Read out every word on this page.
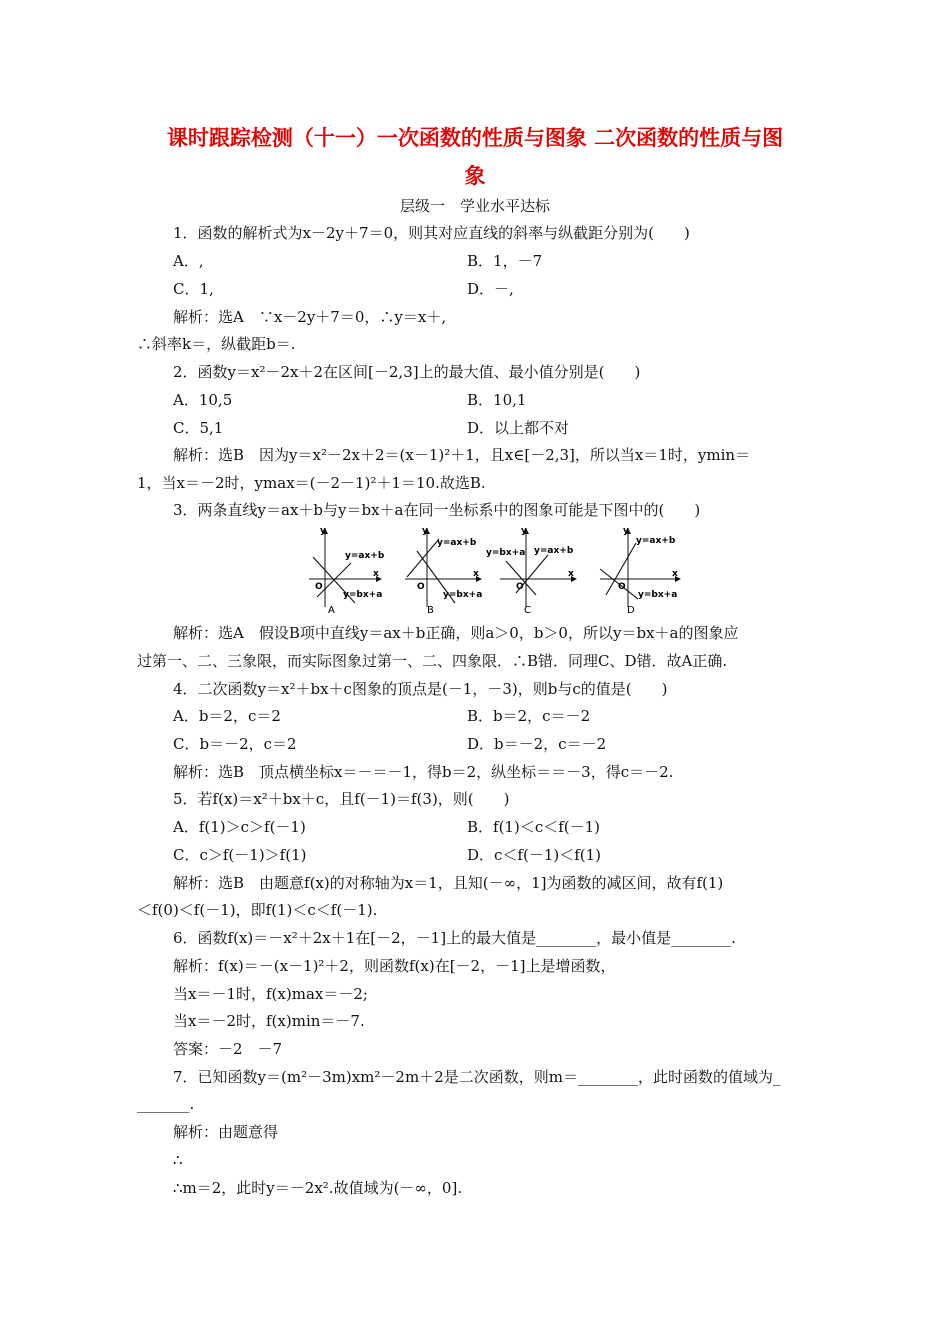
课时跟踪检测（十一）一次函数的性质与图象 二次函数的性质与图
象
层级一　学业水平达标
1．函数的解析式为x－2y＋7＝0，则其对应直线的斜率与纵截距分别为(　　)
A．,	B．1，－7
C．1,	D．－,
解析：选A　∵x－2y＋7＝0，∴y＝x＋,
∴斜率k＝，纵截距b＝.
2．函数y＝x²－2x＋2在区间[－2,3]上的最大值、最小值分别是(　　)
A．10,5	B．10,1
C．5,1	D．以上都不对
解析：选B　因为y＝x²－2x＋2＝(x－1)²＋1，且x∈[－2,3]，所以当x＝1时，ymin＝
1，当x＝－2时，ymax＝(－2－1)²＋1＝10.故选B.
3．两条直线y＝ax＋b与y＝bx＋a在同一坐标系中的图象可能是下图中的(　　)
y
x
O
y=ax+b
y=bx+a
A
y
x
O
y=ax+b
y=bx+a
B
y
x
O
y=bx+a y=ax+b
C
y
x
O
y=ax+b
y=bx+a
D
解析：选A　假设B项中直线y＝ax＋b正确，则a＞0，b＞0，所以y＝bx＋a的图象应
过第一、二、三象限，而实际图象过第一、二、四象限．∴B错．同理C、D错．故A正确.
4．二次函数y＝x²＋bx＋c图象的顶点是(－1，－3)，则b与c的值是(　　)
A．b＝2，c＝2	B．b＝2，c＝－2
C．b＝－2，c＝2	D．b＝－2，c＝－2
解析：选B　顶点横坐标x＝－＝－1，得b＝2，纵坐标＝＝－3，得c＝－2.
5．若f(x)＝x²＋bx＋c，且f(－1)＝f(3)，则(　　)
A．f(1)＞c＞f(－1)	B．f(1)＜c＜f(－1)
C．c＞f(－1)＞f(1)	D．c＜f(－1)＜f(1)
解析：选B　由题意f(x)的对称轴为x＝1，且知(－∞，1]为函数的减区间，故有f(1)
＜f(0)＜f(－1)，即f(1)＜c＜f(－1).
6．函数f(x)＝－x²＋2x＋1在[－2，－1]上的最大值是________，最小值是________.
解析：f(x)＝－(x－1)²＋2，则函数f(x)在[－2，－1]上是增函数，
当x＝－1时，f(x)max＝－2;
当x＝－2时，f(x)min＝－7.
答案：－2　－7
7．已知函数y＝(m²－3m)xm²－2m＋2是二次函数，则m＝________，此时函数的值域为_
_______.
解析：由题意得
∴
∴m＝2，此时y＝－2x².故值域为(－∞，0].
